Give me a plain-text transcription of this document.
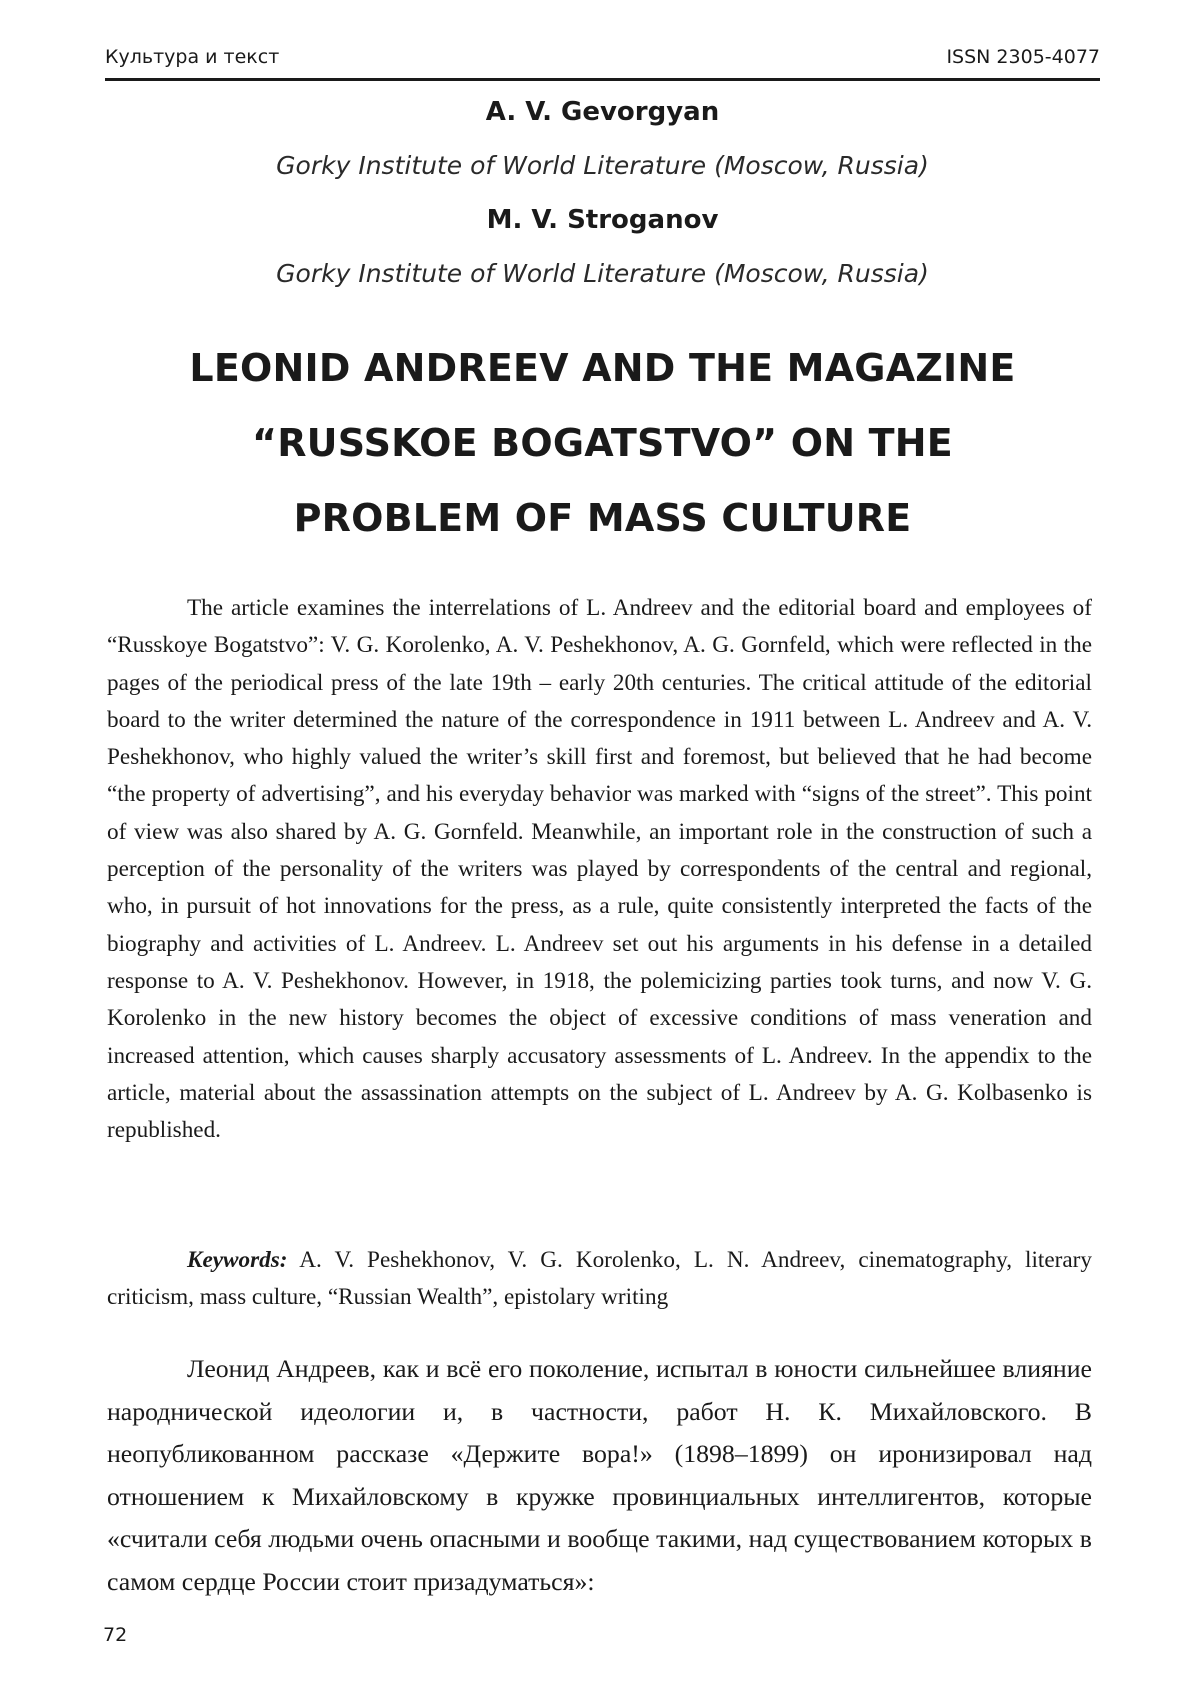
Культура и текст	ISSN 2305-4077
A. V. Gevorgyan
Gorky Institute of World Literature (Moscow, Russia)
M. V. Stroganov
Gorky Institute of World Literature (Moscow, Russia)
LEONID ANDREEV AND THE MAGAZINE
“RUSSKOE BOGATSTVO” ON THE
PROBLEM OF MASS CULTURE

The article examines the interrelations of L. Andreev and the editorial board and employees of “Russkoye Bogatstvo”: V. G. Korolenko, A. V. Peshekhonov, A. G. Gornfeld, which were reflected in the pages of the periodical press of the late 19th – early 20th centuries. The critical attitude of the editorial board to the writer determined the nature of the correspondence in 1911 between L. Andreev and A. V. Peshekhonov, who highly valued the writer’s skill first and foremost, but believed that he had become “the property of advertising”, and his everyday behavior was marked with “signs of the street”. This point of view was also shared by A. G. Gornfeld. Meanwhile, an important role in the construction of such a perception of the personality of the writers was played by correspondents of the central and regional, who, in pursuit of hot innovations for the press, as a rule, quite consistently interpreted the facts of the biography and activities of L. Andreev. L. Andreev set out his arguments in his defense in a detailed response to A. V. Peshekhonov. However, in 1918, the polemicizing parties took turns, and now V. G. Korolenko in the new history becomes the object of excessive conditions of mass veneration and increased attention, which causes sharply accusatory assessments of L. Andreev. In the appendix to the article, material about the assassination attempts on the subject of L. Andreev by A. G. Kolbasenko is republished.

Keywords: A. V. Peshekhonov, V. G. Korolenko, L. N. Andreev, cinematography, literary criticism, mass culture, “Russian Wealth”, epistolary writing

Леонид Андреев, как и всё его поколение, испытал в юности сильнейшее влияние народнической идеологии и, в частности, работ Н. К. Михайловского. В неопубликованном рассказе «Держите вора!» (1898–1899) он иронизировал над отношением к Михайловскому в кружке провинциальных интеллигентов, которые «считали себя людьми очень опасными и вообще такими, над существованием которых в самом сердце России стоит призадуматься»:

72
